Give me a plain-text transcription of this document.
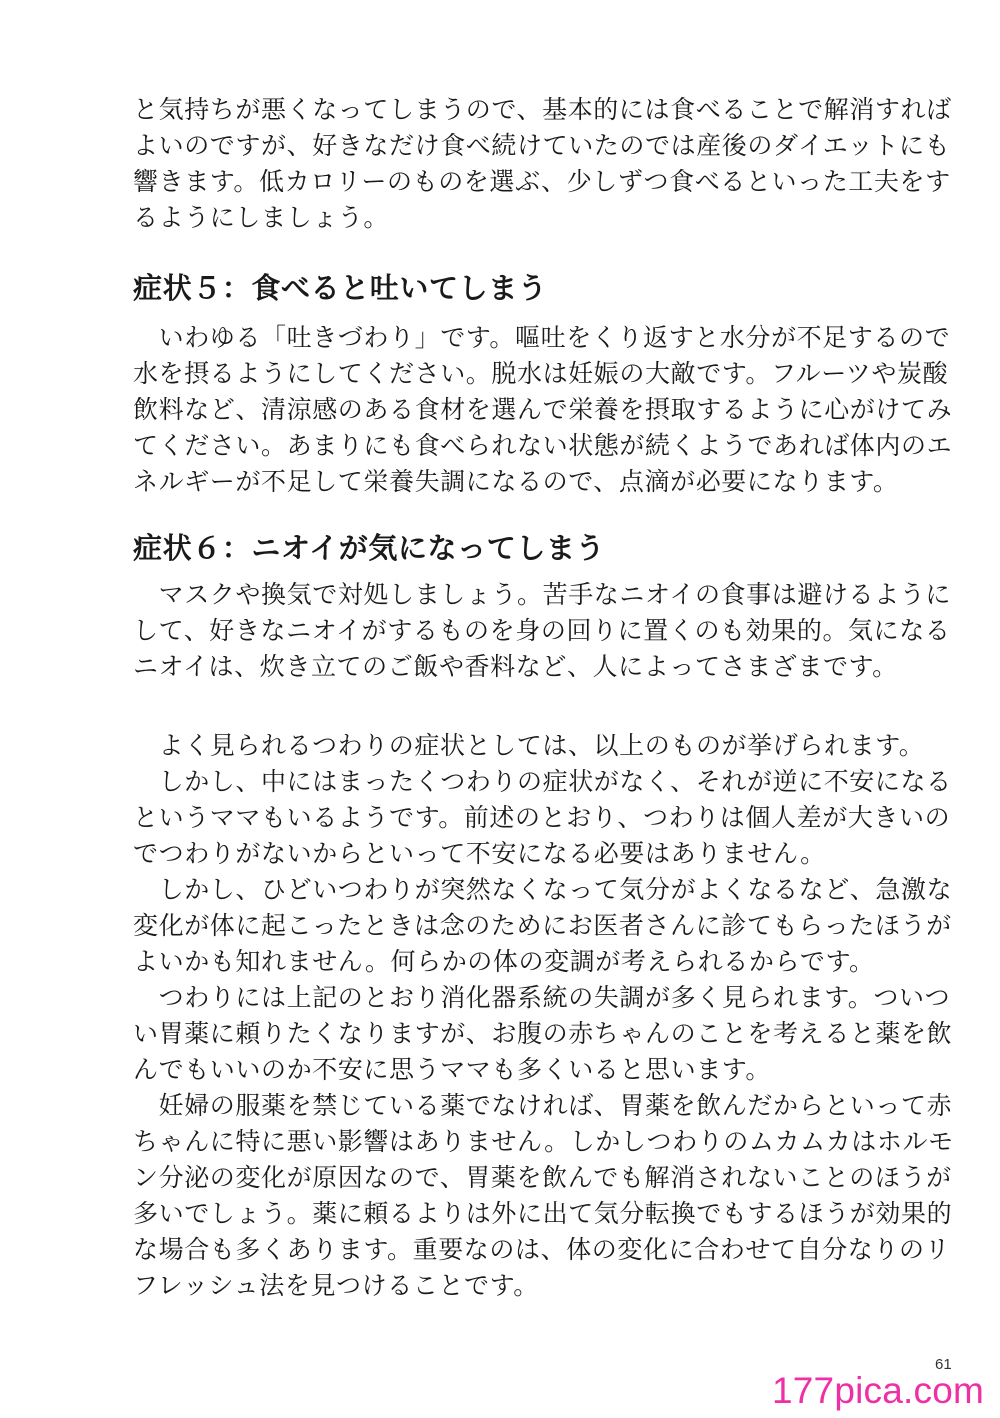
と気持ちが悪くなってしまうので、基本的には食べることで解消すれば
よいのですが、好きなだけ食べ続けていたのでは産後のダイエットにも
響きます。低カロリーのものを選ぶ、少しずつ食べるといった工夫をす
るようにしましょう。
症状５：食べると吐いてしまう
　いわゆる「吐きづわり」です。嘔吐をくり返すと水分が不足するので
水を摂るようにしてください。脱水は妊娠の大敵です。フルーツや炭酸
飲料など、清涼感のある食材を選んで栄養を摂取するように心がけてみ
てください。あまりにも食べられない状態が続くようであれば体内のエ
ネルギーが不足して栄養失調になるので、点滴が必要になります。
症状６：ニオイが気になってしまう
　マスクや換気で対処しましょう。苦手なニオイの食事は避けるように
して、好きなニオイがするものを身の回りに置くのも効果的。気になる
ニオイは、炊き立てのご飯や香料など、人によってさまざまです。
　よく見られるつわりの症状としては、以上のものが挙げられます。
　しかし、中にはまったくつわりの症状がなく、それが逆に不安になる
というママもいるようです。前述のとおり、つわりは個人差が大きいの
でつわりがないからといって不安になる必要はありません。
　しかし、ひどいつわりが突然なくなって気分がよくなるなど、急激な
変化が体に起こったときは念のためにお医者さんに診てもらったほうが
よいかも知れません。何らかの体の変調が考えられるからです。
　つわりには上記のとおり消化器系統の失調が多く見られます。ついつ
い胃薬に頼りたくなりますが、お腹の赤ちゃんのことを考えると薬を飲
んでもいいのか不安に思うママも多くいると思います。
　妊婦の服薬を禁じている薬でなければ、胃薬を飲んだからといって赤
ちゃんに特に悪い影響はありません。しかしつわりのムカムカはホルモ
ン分泌の変化が原因なので、胃薬を飲んでも解消されないことのほうが
多いでしょう。薬に頼るよりは外に出て気分転換でもするほうが効果的
な場合も多くあります。重要なのは、体の変化に合わせて自分なりのリ
フレッシュ法を見つけることです。
61
177pica.com
